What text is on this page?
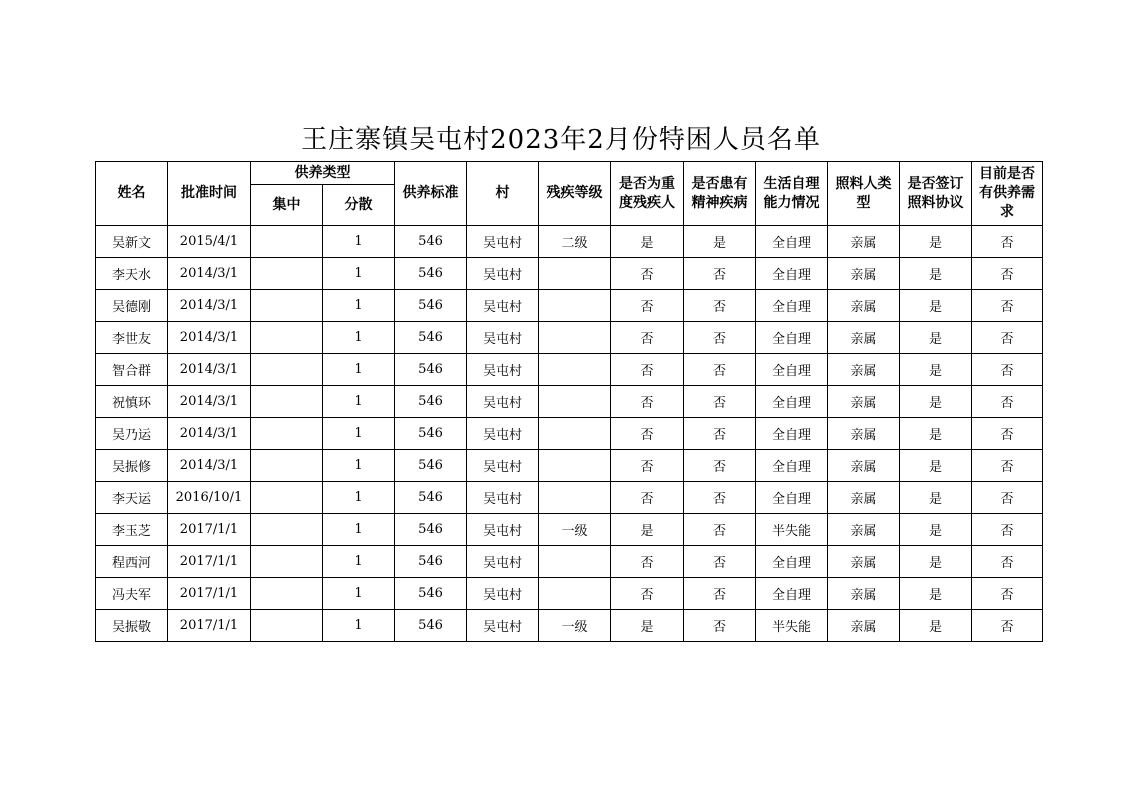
王庄寨镇吴屯村2023年2月份特困人员名单
姓名	批准时间	供养类型		供养标准	村	残疾等级	是否为重度残疾人	是否患有精神疾病	生活自理能力情况	照料人类型	是否签订照料协议	目前是否有供养需求

		集中	分散									
吴新文	2015/4/1		1	546	吴屯村	二级	是	是	全自理	亲属	是	否
李天水	2014/3/1		1	546	吴屯村		否	否	全自理	亲属	是	否
吴德刚	2014/3/1		1	546	吴屯村		否	否	全自理	亲属	是	否
李世友	2014/3/1		1	546	吴屯村		否	否	全自理	亲属	是	否
智合群	2014/3/1		1	546	吴屯村		否	否	全自理	亲属	是	否
祝慎环	2014/3/1		1	546	吴屯村		否	否	全自理	亲属	是	否
吴乃运	2014/3/1		1	546	吴屯村		否	否	全自理	亲属	是	否
吴振修	2014/3/1		1	546	吴屯村		否	否	全自理	亲属	是	否
李天运	2016/10/1		1	546	吴屯村		否	否	全自理	亲属	是	否
李玉芝	2017/1/1		1	546	吴屯村	一级	是	否	半失能	亲属	是	否
程西河	2017/1/1		1	546	吴屯村		否	否	全自理	亲属	是	否
冯夫军	2017/1/1		1	546	吴屯村		否	否	全自理	亲属	是	否
吴振敬	2017/1/1		1	546	吴屯村	一级	是	否	半失能	亲属	是	否
